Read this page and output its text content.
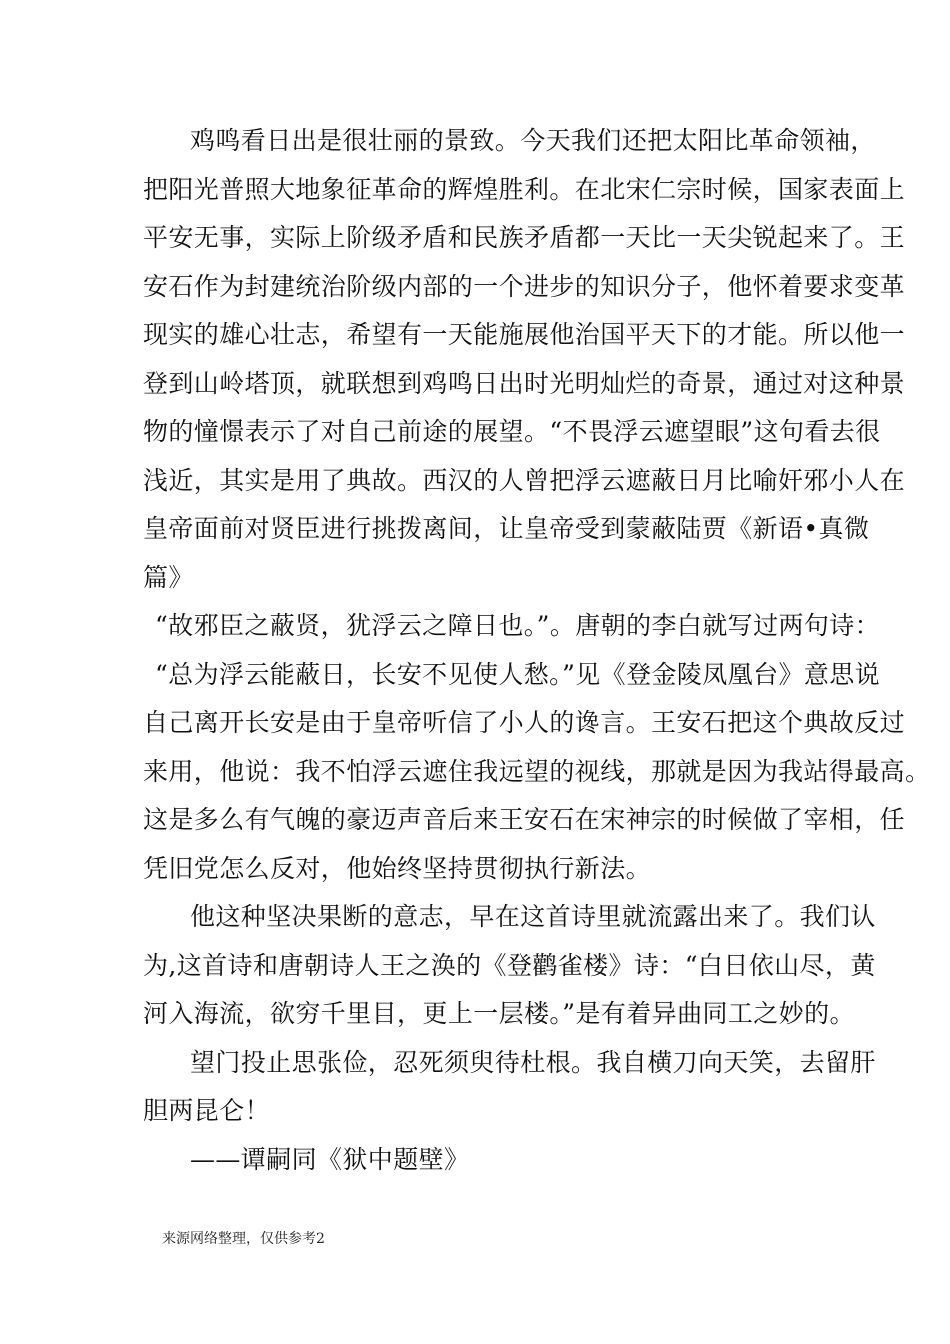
鸡鸣看日出是很壮丽的景致。今天我们还把太阳比革命领袖，
把阳光普照大地象征革命的辉煌胜利。在北宋仁宗时候，国家表面上
平安无事，实际上阶级矛盾和民族矛盾都一天比一天尖锐起来了。王
安石作为封建统治阶级内部的一个进步的知识分子，他怀着要求变革
现实的雄心壮志，希望有一天能施展他治国平天下的才能。所以他一
登到山岭塔顶，就联想到鸡鸣日出时光明灿烂的奇景，通过对这种景
物的憧憬表示了对自己前途的展望。“不畏浮云遮望眼”这句看去很
浅近，其实是用了典故。西汉的人曾把浮云遮蔽日月比喻奸邪小人在
皇帝面前对贤臣进行挑拨离间，让皇帝受到蒙蔽陆贾《新语•真微
篇》
“故邪臣之蔽贤，犹浮云之障日也。”。唐朝的李白就写过两句诗：
“总为浮云能蔽日，长安不见使人愁。”见《登金陵凤凰台》意思说
自己离开长安是由于皇帝听信了小人的谗言。王安石把这个典故反过
来用，他说：我不怕浮云遮住我远望的视线，那就是因为我站得最高。
这是多么有气魄的豪迈声音后来王安石在宋神宗的时候做了宰相，任
凭旧党怎么反对，他始终坚持贯彻执行新法。
他这种坚决果断的意志，早在这首诗里就流露出来了。我们认
为,这首诗和唐朝诗人王之涣的《登鹳雀楼》诗：“白日依山尽，黄
河入海流，欲穷千里目，更上一层楼。”是有着异曲同工之妙的。
望门投止思张俭，忍死须臾待杜根。我自横刀向天笑，去留肝
胆两昆仑！
——谭嗣同《狱中题壁》
来源网络整理，仅供参考2
